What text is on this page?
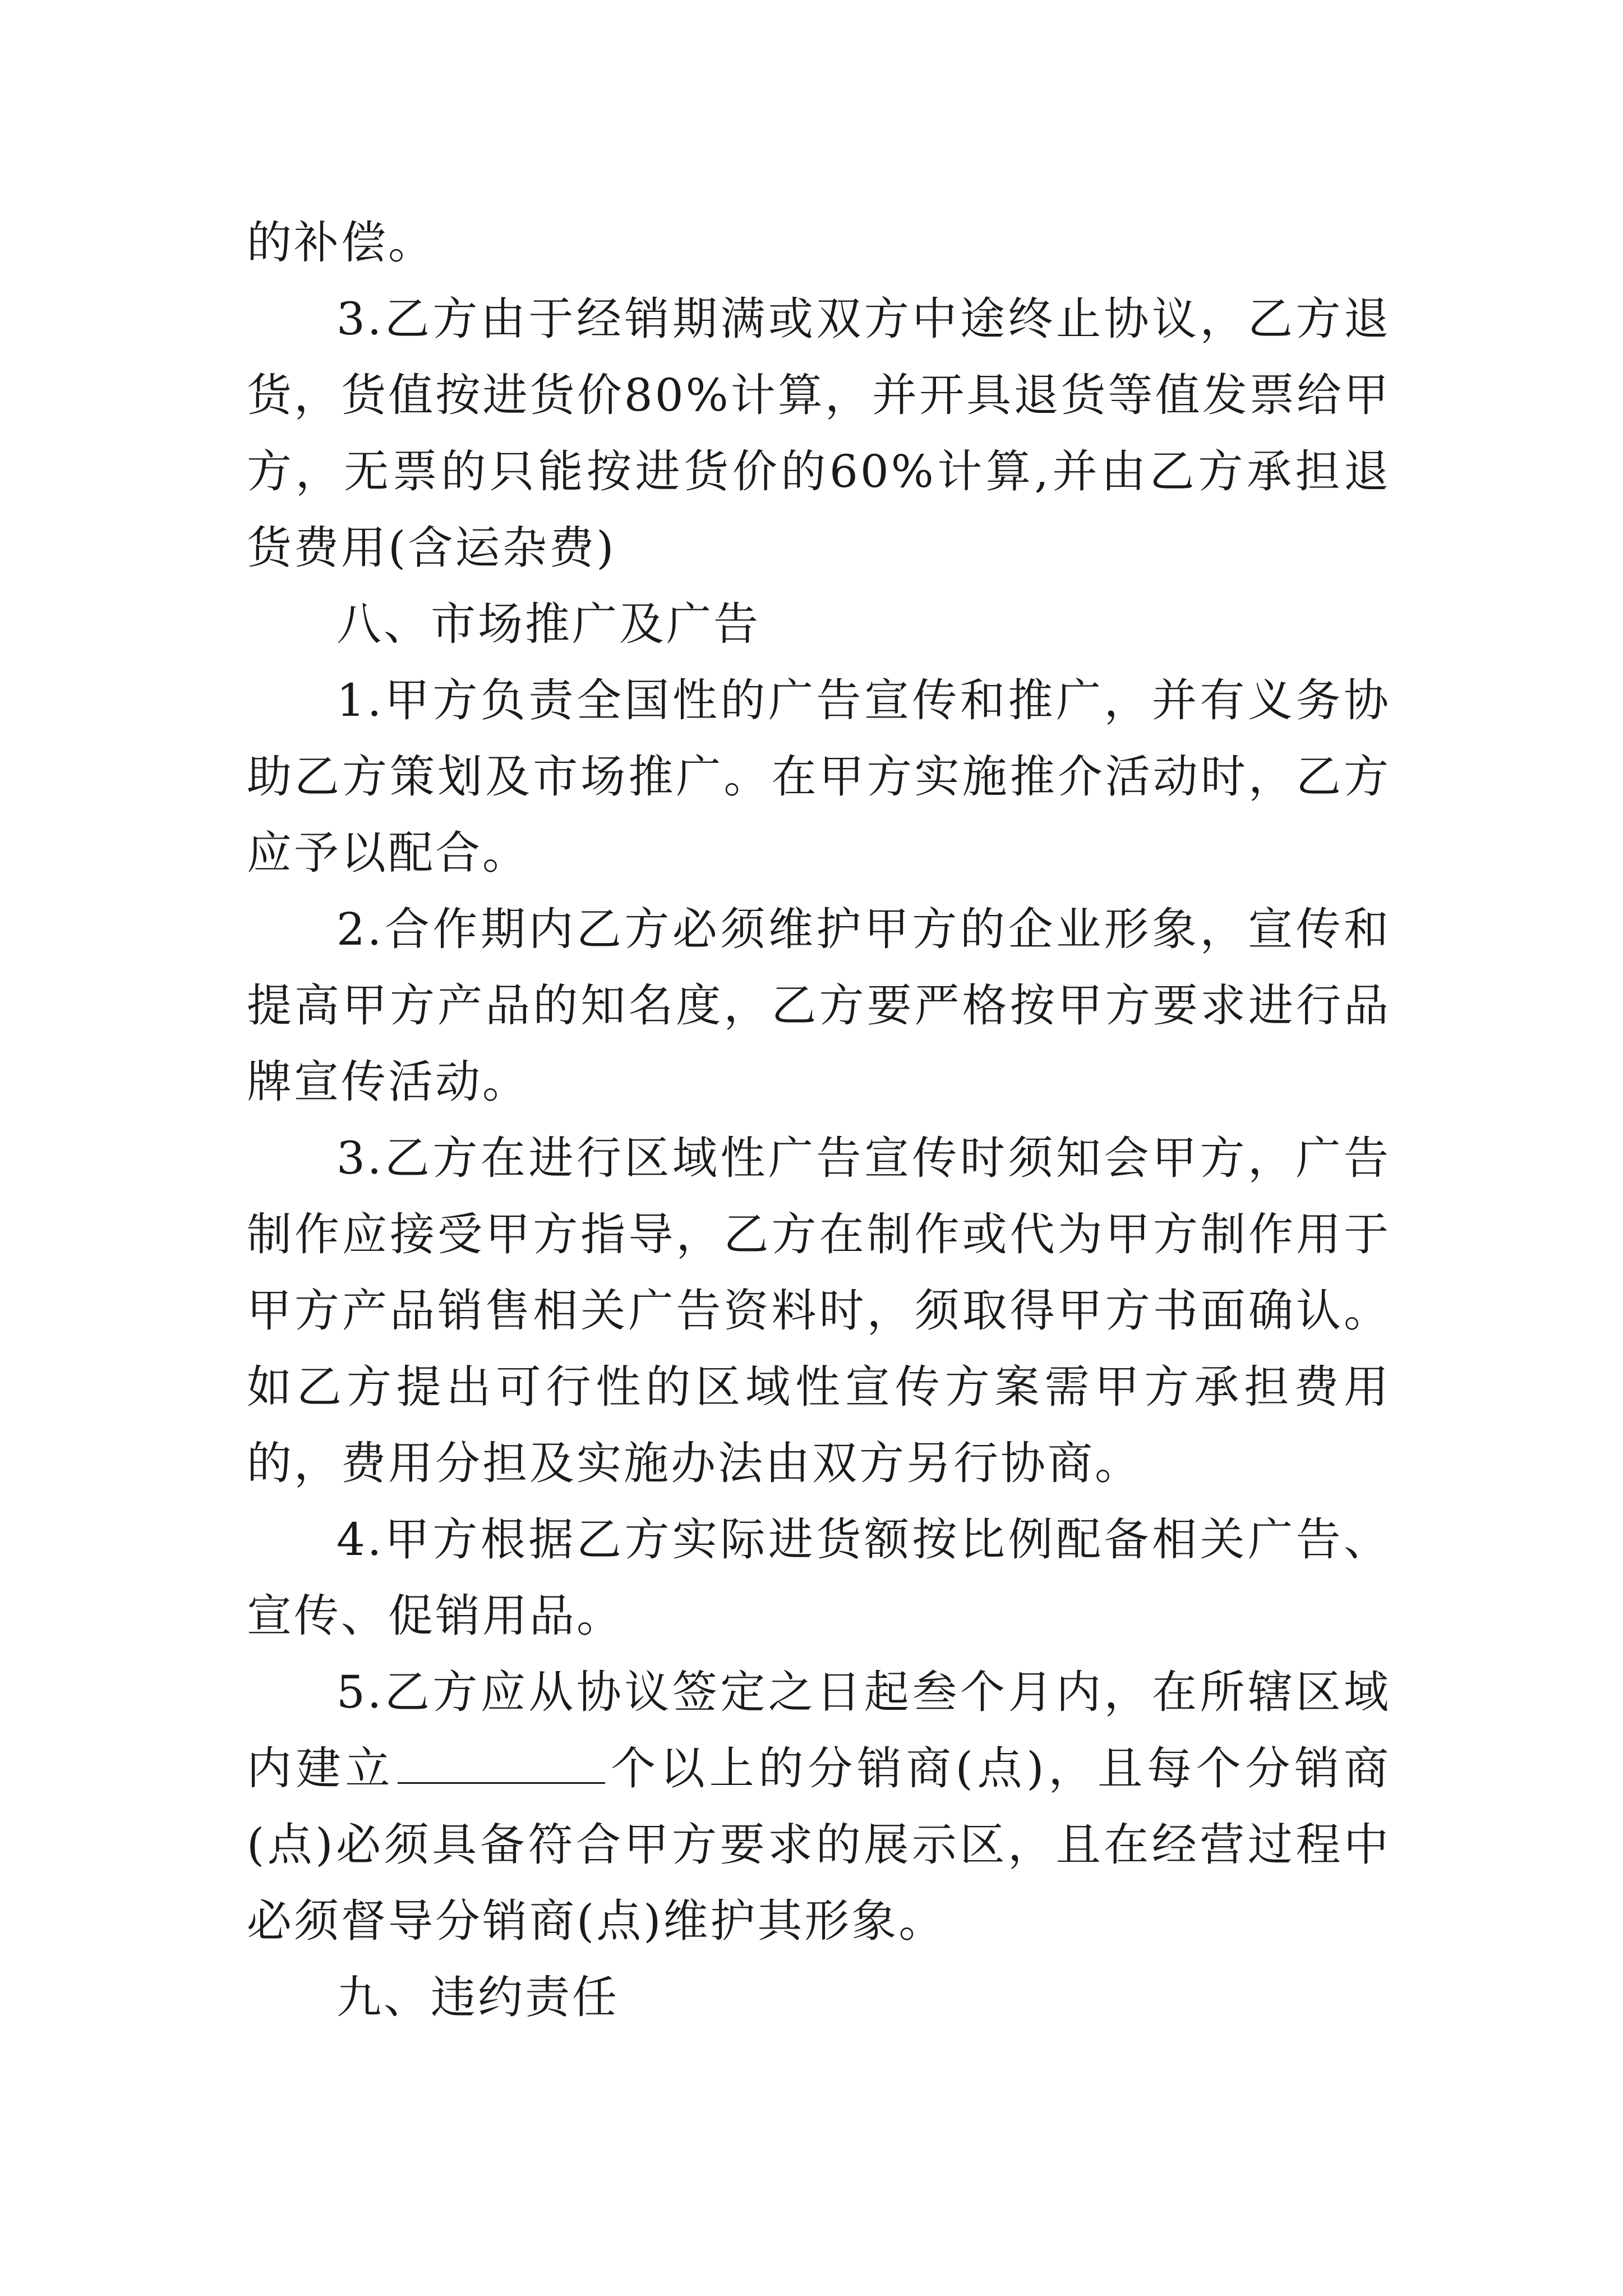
的补偿。

3.乙方由于经销期满或双方中途终止协议，乙方退货，货值按进货价80%计算，并开具退货等值发票给甲方，无票的只能按进货价的60%计算,并由乙方承担退货费用(含运杂费)

八、市场推广及广告

1.甲方负责全国性的广告宣传和推广，并有义务协助乙方策划及市场推广。在甲方实施推介活动时，乙方应予以配合。

2.合作期内乙方必须维护甲方的企业形象，宣传和提高甲方产品的知名度，乙方要严格按甲方要求进行品牌宣传活动。

3.乙方在进行区域性广告宣传时须知会甲方，广告制作应接受甲方指导，乙方在制作或代为甲方制作用于甲方产品销售相关广告资料时，须取得甲方书面确认。如乙方提出可行性的区域性宣传方案需甲方承担费用的，费用分担及实施办法由双方另行协商。

4.甲方根据乙方实际进货额按比例配备相关广告、宣传、促销用品。

5.乙方应从协议签定之日起叁个月内，在所辖区域内建立	个以上的分销商(点)，且每个分销商(点)必须具备符合甲方要求的展示区，且在经营过程中必须督导分销商(点)维护其形象。

九、违约责任
